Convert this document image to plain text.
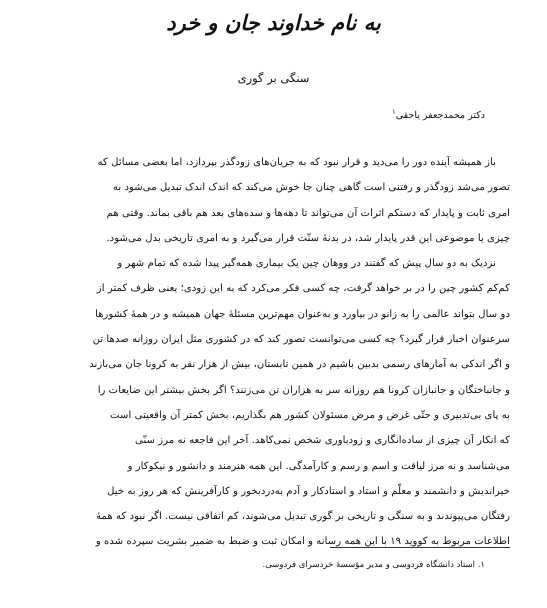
به نام خداوند جان و خرد
سنگی بر گوری
دکتر محمدجعفر یاحقی$^۱$
باز همیشه آینده دور را می‌دید و قرار نبود که به جریان‌های زودگذر بپردازد، اما بعضی مسائل که
تصور می‌شد زودگذر و رفتنی است گاهی چنان جا خوش می‌کند که اندک اندک تبدیل می‌شود به
امری ثابت و پایدار که دستکم اثرات آن می‌تواند تا دهه‌ها و سده‌های بعد هم باقی بماند. وقتی هم
چیزی یا موضوعی این قدر پایدار شد، در بدنهٔ سنّت قرار می‌گیرد و به امری تاریخی بدل می‌شود.
نزدیک به دو سال پیش که گفتند در ووهان چین یک بیماری همه‌گیر پیدا شده که تمام شهر و
کم‌کم کشور چین را در بر خواهد گرفت، چه کسی فکر می‌کرد که به این زودی؛ یعنی ظرف کمتر از
دو سال بتواند عالمی را به زانو در بیاورد و به‌عنوان مهم‌ترین مسئلهٔ جهان همیشه و در همهٔ کشورها
سرعنوان اخبار قرار گیرد؟ چه کسی می‌توانست تصور کند که در کشوری مثل ایران روزانه صدها تن
و اگر اندکی به آمارهای رسمی بدبین باشیم در همین تابستان، بیش از هزار نفر به کرونا جان می‌بازند
و جانباختگان و جانبازان کرونا هم روزانه سر به هزاران تن می‌زنند؟ اگر بخش بیشتر این ضایعات را
به پای بی‌تدبیری و حتّی غرض و مرض مسئولان کشور هم بگذاریم، بخش کمتر آن واقعیتی است
که انکار آن چیزی از ساده‌انگاری و زودباوری شخص نمی‌کاهد. آخر این فاجعه نه مرز سنّی
می‌شناسد و نه مرز لیاقت و اسم و رسم و کارآمدگی. این همه هنرمند و دانشور و نیکوکار و
خیراندیش و دانشمند و معلّم و استاد و استادکار و آدم به‌دردبخور و کارآفرینش که هر روز به خیل
رفتگان می‌پیوندند و به سنگی و تاریخی بر گوری تبدیل می‌شوند، کم اتفاقی نیست. اگر نبود که همهٔ
اطلاعات مربوط به کووید ۱۹ با این همه رسانه و امکان ثبت و ضبط به ضمیر بشریت سپرده شده و
۱. استاد دانشگاه فردوسی و مدیر مؤسسهٔ خردسرای فردوسی.
